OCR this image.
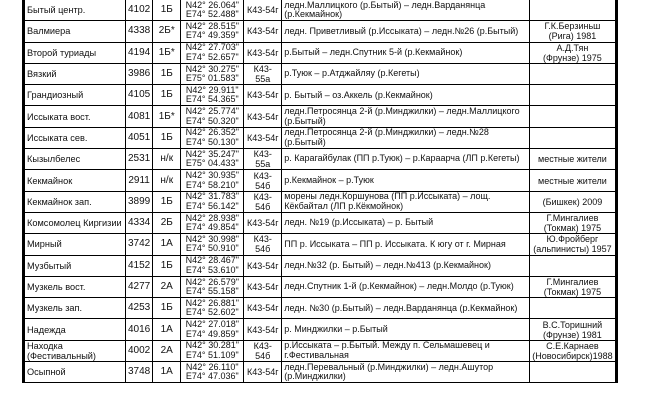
Бытый центр.	4102	1Б	N42° 26.064"
E74° 52.488"	К43-54г	ледн.Маллицкого (р.Бытый) – ледн.Варданянца (р.Кекмайнок)	

Валмиера	4338	2Б*	N42° 28.515"
E74° 49.359"	К43-54г	ледн. Приветливый (р.Иссыката) – ледн.№26 (р.Бытый)	Г.К.Берзиньш
(Рига) 1981

Второй туриады	4194	1Б*	N42° 27.703"
E74° 52.657"	К43-54г	р.Бытый – ледн.Спутник 5-й (р.Кекмайнок)	А.Д.Тян
(Фрунзе) 1975

Вязкий	3986	1Б	N42° 30.275"
E75° 01.583"	К43-55а	р.Туюк – р.Атджайляу (р.Кегеты)	

Грандиозный	4105	1Б	N42° 29.911"
E74° 54.365"	К43-54г	р. Бытый – оз.Аккель (р.Кекмайнок)	

Иссыката вост.	4081	1Б*	N42° 25.774"
E74° 50.320"	К43-54г	ледн.Петросянца 2-й (р.Минджилки) – ледн.Маллицкого (р.Бытый)	

Иссыката сев.	4051	1Б	N42° 26.352"
E74° 50.130"	К43-54г	ледн.Петросянца 2-й (р.Минджилки) – ледн.№28 (р.Бытый)	

Кызылбелес	2531	н/к	N42° 35.247"
E75° 04.433"	К43-55а	р. Карагайбулак (ПП р.Туюк) – р.Караарча (ЛП р.Кегеты)	местные жители

Кекмайнок	2911	н/к	N42° 30.935"
E74° 58.210"	К43-54б	р.Кекмайнок – р.Туюк	местные жители

Кекмайнок зап.	3899	1Б	N42° 31.783"
E74° 56.142"	К43-54б	морены ледн.Коршунова (ПП р.Иссыката) – лощ. Кёкбайтал (ЛП р.Кёкмойнок)	(Бишкек) 2009

Комсомолец Киргизии	4334	2Б	N42° 28.938"
E74° 49.854"	К43-54г	ледн. №19 (р.Иссыката) – р. Бытый	Г.Мингалиев
(Токмак) 1975

Мирный	3742	1А	N42° 30.998"
E74° 50.910"	К43-54б	ПП р. Иссыката – ПП р. Иссыката. К югу от г. Мирная	Ю.Фройберг
(альпинисты) 1957

Музбытый	4152	1Б	N42° 28.467"
E74° 53.610"	К43-54г	ледн.№32 (р. Бытый) – ледн.№413 (р.Кекмайнок)	

Музкель вост.	4277	2А	N42° 26.579"
E74° 55.158"	К43-54г	ледн.Спутник 1-й (р.Кекмайнок) – ледн.Молдо (р.Туюк)	Г.Мингалиев
(Токмак) 1975

Музкель зап.	4253	1Б	N42° 26.881"
E74° 52.602"	К43-54г	ледн. №30 (р.Бытый) – ледн.Варданянца (р.Кекмайнок)	

Надежда	4016	1А	N42° 27.018"
E74° 49.859"	К43-54г	р. Минджилки – р.Бытый	В.С.Торишний
(Фрунзе) 1981

Находка (Фестивальный)	4002	2А	N42° 30.281"
E74° 51.109"	К43-54б	р.Иссыката – р.Бытый. Между п. Сельмашевец и г.Фестивальная	С.Е.Карнаев
(Новосибирск)1988

Осыпной	3748	1А	N42° 26.110"
E74° 47.036"	К43-54г	ледн.Перевальный (р.Минджилки) – ледн.Ашутор (р.Минджилки)	
